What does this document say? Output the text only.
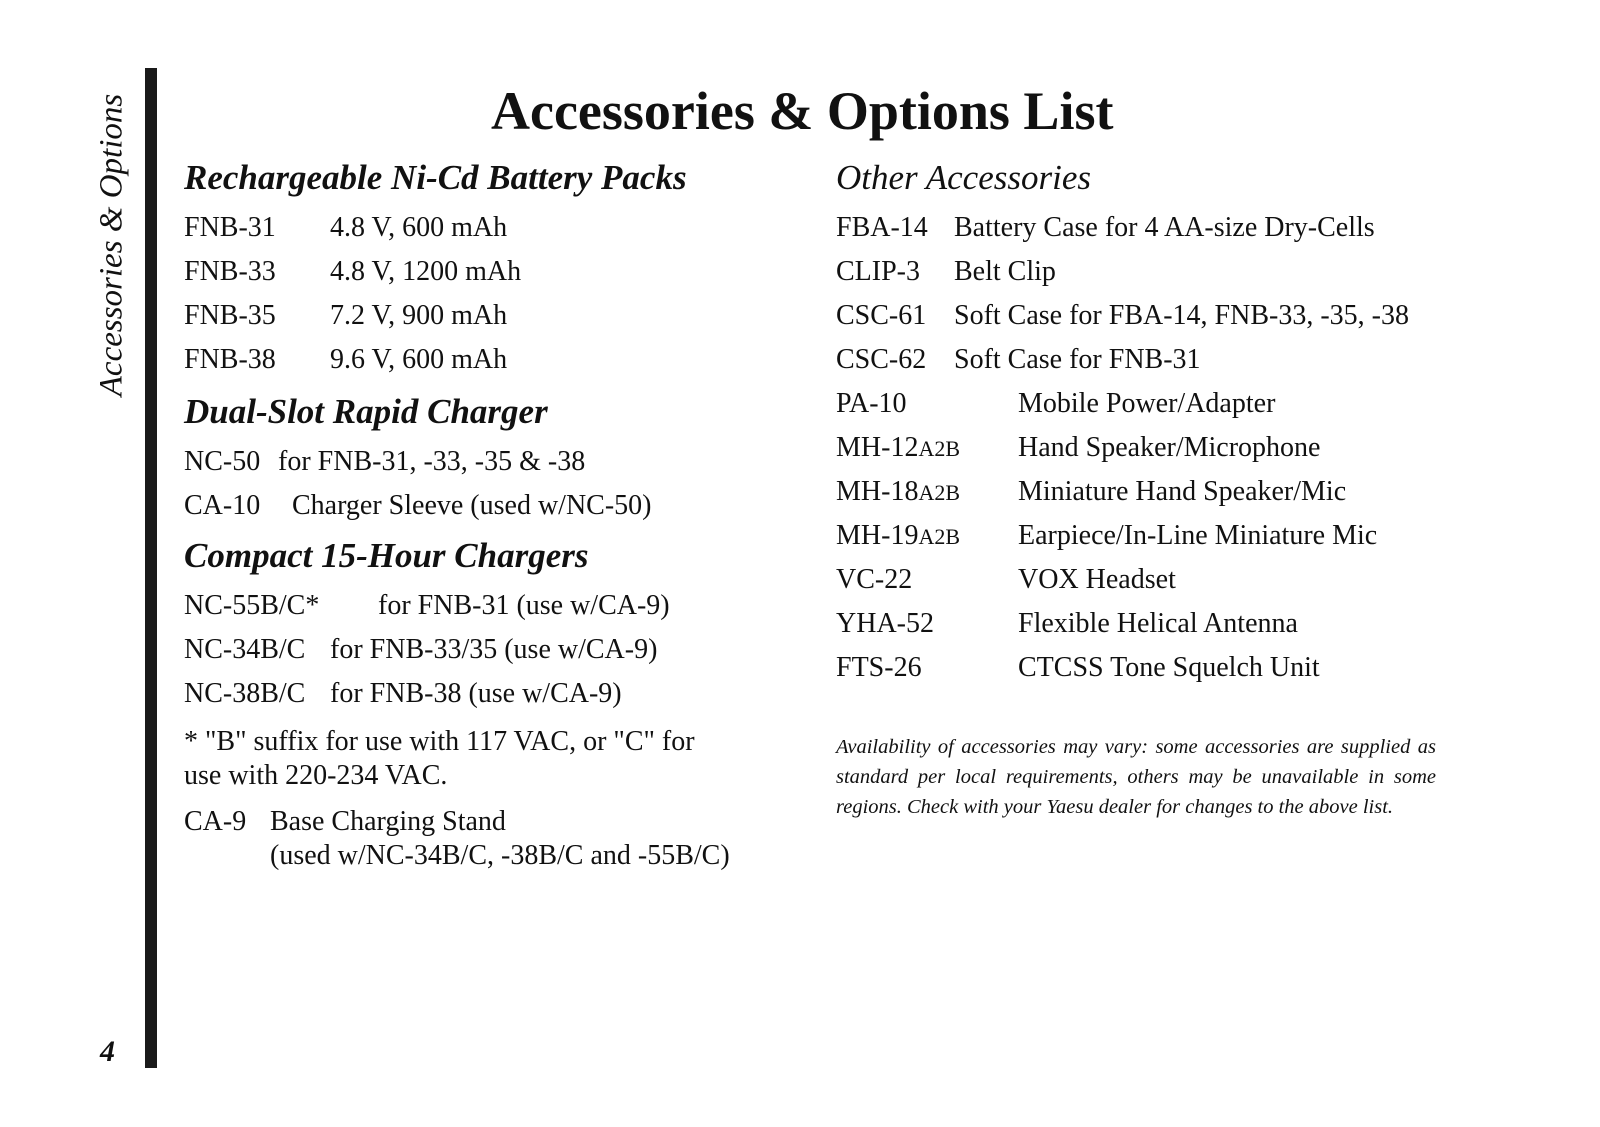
Accessories & Options
4
Accessories & Options List
Rechargeable Ni-Cd Battery Packs
FNB-31 4.8 V, 600 mAh
FNB-33 4.8 V, 1200 mAh
FNB-35 7.2 V, 900 mAh
FNB-38 9.6 V, 600 mAh
Dual-Slot Rapid Charger
NC-50 for FNB-31, -33, -35 & -38
CA-10 Charger Sleeve (used w/NC-50)
Compact 15-Hour Chargers
NC-55B/C* for FNB-31 (use w/CA-9)
NC-34B/C for FNB-33/35 (use w/CA-9)
NC-38B/C for FNB-38 (use w/CA-9)
* "B" suffix for use with 117 VAC, or "C" for
use with 220-234 VAC.
CA-9 Base Charging Stand
(used w/NC-34B/C, -38B/C and -55B/C)
Other Accessories
FBA-14 Battery Case for 4 AA-size Dry-Cells
CLIP-3 Belt Clip
CSC-61 Soft Case for FBA-14, FNB-33, -35, -38
CSC-62 Soft Case for FNB-31
PA-10	Mobile Power/Adapter
MH-12A2B Hand Speaker/Microphone
MH-18A2B Miniature Hand Speaker/Mic
MH-19A2B Earpiece/In-Line Miniature Mic
VC-22	VOX Headset
YHA-52	Flexible Helical Antenna
FTS-26	CTCSS Tone Squelch Unit

Availability of accessories may vary: some accessories are supplied as standard per local requirements, others may be unavailable in some regions. Check with your Yaesu dealer for changes to the above list.
